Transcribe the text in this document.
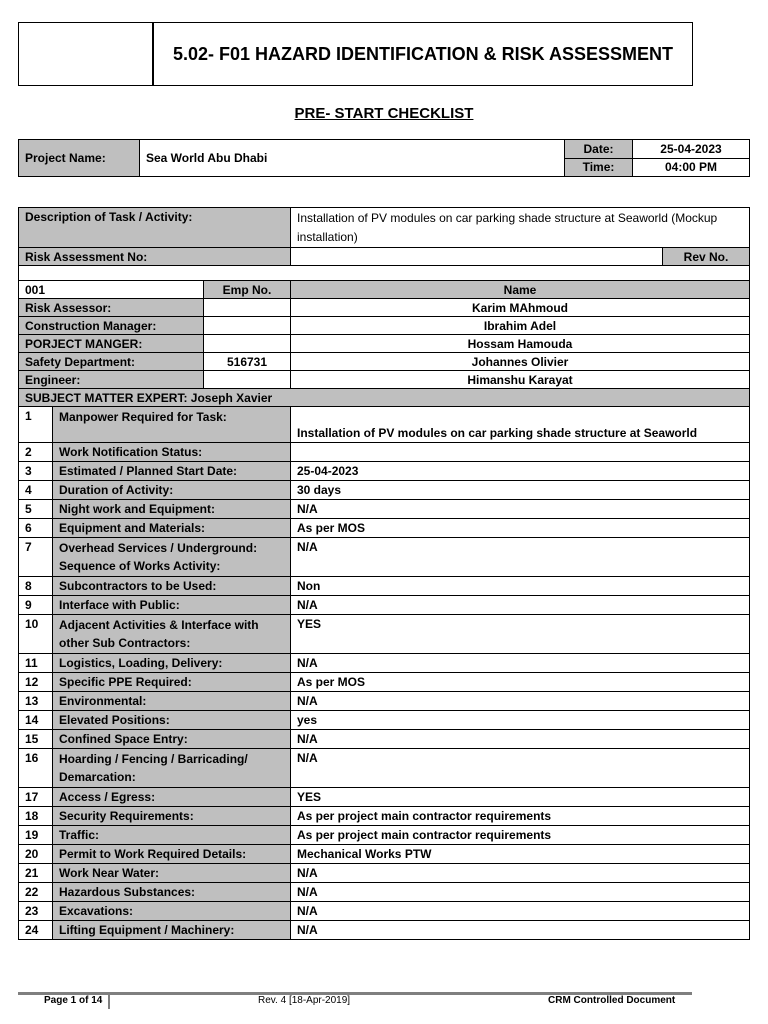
5.02- F01 HAZARD IDENTIFICATION & RISK ASSESSMENT
PRE- START CHECKLIST
Project Name:	Sea World Abu Dhabi	Date:	25-04-2023
		Time:	04:00 PM
Description of Task / Activity:			Installation of PV modules on car parking shade structure at Seaworld (Mockup installation)	
Risk Assessment No:				Rev No.

001		Emp No.	Name	
Risk Assessor:			Karim MAhmoud	
Construction Manager:			Ibrahim Adel	
PORJECT MANGER:			Hossam Hamouda	
Safety Department:		516731	Johannes Olivier	
Engineer:			Himanshu Karayat	
SUBJECT MATTER EXPERT: Joseph Xavier				
1	Manpower Required for Task:		Installation of PV modules on car parking shade structure at Seaworld	
2	Work Notification Status:			
3	Estimated / Planned Start Date:		25-04-2023	
4	Duration of Activity:		30 days	
5	Night work and Equipment:		N/A	
6	Equipment and Materials:		As per MOS	
7	Overhead Services / Underground: Sequence of Works Activity:		N/A	
8	Subcontractors to be Used:		Non	
9	Interface with Public:		N/A	
10	Adjacent Activities & Interface with other Sub Contractors:		YES	
11	Logistics, Loading, Delivery:		N/A	
12	Specific PPE Required:		As per MOS	
13	Environmental:		N/A	
14	Elevated Positions:		yes	
15	Confined Space Entry:		N/A	
16	Hoarding / Fencing / Barricading/ Demarcation:		N/A	
17	Access / Egress:		YES	
18	Security Requirements:		As per project main contractor requirements	
19	Traffic:		As per project main contractor requirements	
20	Permit to Work Required Details:		Mechanical Works PTW	
21	Work Near Water:		N/A	
22	Hazardous Substances:		N/A	
23	Excavations:		N/A	
24	Lifting Equipment / Machinery:		N/A	
Page 1 of 14	Rev. 4 [18-Apr-2019]	CRM Controlled Document
